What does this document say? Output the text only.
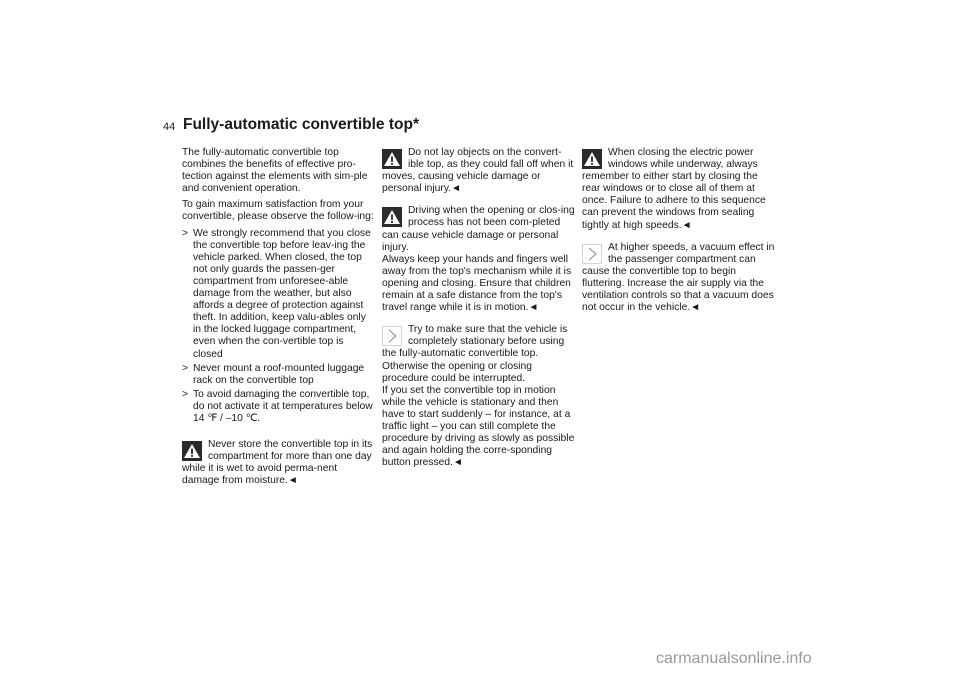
44 Fully-automatic convertible top*

The fully-automatic convertible top combines the benefits of effective pro-tection against the elements with sim-ple and convenient operation.

To gain maximum satisfaction from your convertible, please observe the follow-ing:

> We strongly recommend that you close the convertible top before leav-ing the vehicle parked. When closed, the top not only guards the passen-ger compartment from unforesee-able damage from the weather, but also affords a degree of protection against theft. In addition, keep valu-ables only in the locked luggage compartment, even when the con-vertible top is closed
> Never mount a roof-mounted luggage rack on the convertible top
> To avoid damaging the convertible top, do not activate it at temperatures below 14 ℉ / –10 ℃.
Never store the convertible top in its compartment for more than one day while it is wet to avoid perma-nent damage from moisture.◄
Do not lay objects on the convert-ible top, as they could fall off when it moves, causing vehicle damage or personal injury.◄
Driving when the opening or clos-ing process has not been com-pleted can cause vehicle damage or personal injury.
Always keep your hands and fingers well away from the top's mechanism while it is opening and closing. Ensure that children remain at a safe distance from the top's travel range while it is in motion.◄
Try to make sure that the vehicle is completely stationary before using the fully-automatic convertible top. Otherwise the opening or closing procedure could be interrupted.
If you set the convertible top in motion while the vehicle is stationary and then have to start suddenly – for instance, at a traffic light – you can still complete the procedure by driving as slowly as possible and again holding the corre-sponding button pressed.◄
When closing the electric power windows while underway, always remember to either start by closing the rear windows or to close all of them at once. Failure to adhere to this sequence can prevent the windows from sealing tightly at high speeds.◄
At higher speeds, a vacuum effect in the passenger compartment can cause the convertible top to begin fluttering. Increase the air supply via the ventilation controls so that a vacuum does not occur in the vehicle.◄
carmanualsonline.info
